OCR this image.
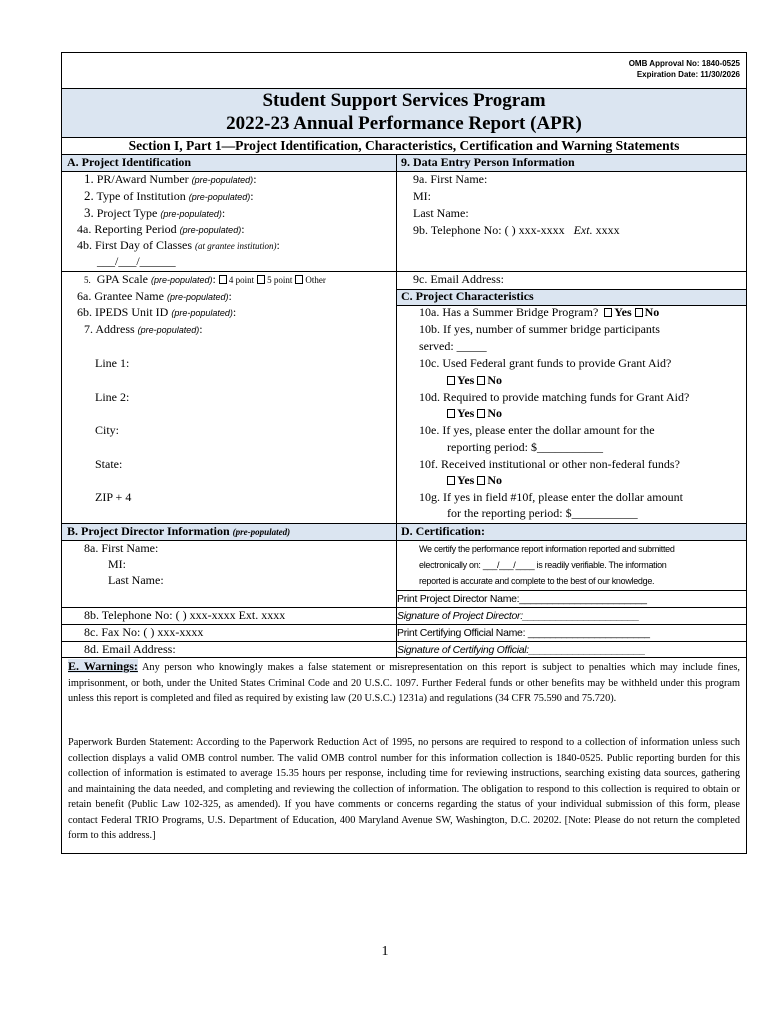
OMB Approval No: 1840-0525
Expiration Date: 11/30/2026
Student Support Services Program
2022-23 Annual Performance Report (APR)
Section I, Part 1—Project Identification, Characteristics, Certification and Warning Statements
A. Project Identification
1. PR/Award Number (pre-populated):
2. Type of Institution (pre-populated):
3. Project Type (pre-populated):
4a. Reporting Period (pre-populated):
4b. First Day of Classes (at grantee institution):
___/___/______
5. GPA Scale (pre-populated): 4 point 5 point Other
6a. Grantee Name (pre-populated):
6b. IPEDS Unit ID (pre-populated):
7. Address (pre-populated):
Line 1:
Line 2:
City:
State:
ZIP + 4
9. Data Entry Person Information
9a. First Name:
MI:
Last Name:
9b. Telephone No: ( ) xxx-xxxx Ext. xxxx
9c. Email Address:
C. Project Characteristics
10a. Has a Summer Bridge Program? Yes No
10b. If yes, number of summer bridge participants
served: _____
10c. Used Federal grant funds to provide Grant Aid?
Yes No
10d. Required to provide matching funds for Grant Aid?
Yes No
10e. If yes, please enter the dollar amount for the
reporting period: $___________
10f. Received institutional or other non-federal funds?
Yes No
10g. If yes in field #10f, please enter the dollar amount
for the reporting period: $___________
B. Project Director Information (pre-populated)
8a. First Name:
MI:
Last Name:
8b. Telephone No: ( ) xxx-xxxx Ext. xxxx
8c. Fax No: ( ) xxx-xxxx
8d. Email Address:
D. Certification:
We certify the performance report information reported and submitted
electronically on: ___/___/____ is readily verifiable. The information
reported is accurate and complete to the best of our knowledge.
Print Project Director Name:_______________________
Signature of Project Director:_____________________
Print Certifying Official Name: ______________________
Signature of Certifying Official:_____________________
E. Warnings: Any person who knowingly makes a false statement or misrepresentation on this report is subject to penalties which may include fines, imprisonment, or both, under the United States Criminal Code and 20 U.S.C. 1097. Further Federal funds or other benefits may be withheld under this program unless this report is completed and filed as required by existing law (20 U.S.C.) 1231a) and regulations (34 CFR 75.590 and 75.720).
Paperwork Burden Statement: According to the Paperwork Reduction Act of 1995, no persons are required to respond to a collection of information unless such collection displays a valid OMB control number. The valid OMB control number for this information collection is 1840-0525. Public reporting burden for this collection of information is estimated to average 15.35 hours per response, including time for reviewing instructions, searching existing data sources, gathering and maintaining the data needed, and completing and reviewing the collection of information. The obligation to respond to this collection is required to obtain or retain benefit (Public Law 102-325, as amended). If you have comments or concerns regarding the status of your individual submission of this form, please contact Federal TRIO Programs, U.S. Department of Education, 400 Maryland Avenue SW, Washington, D.C. 20202. [Note: Please do not return the completed form to this address.]
1
